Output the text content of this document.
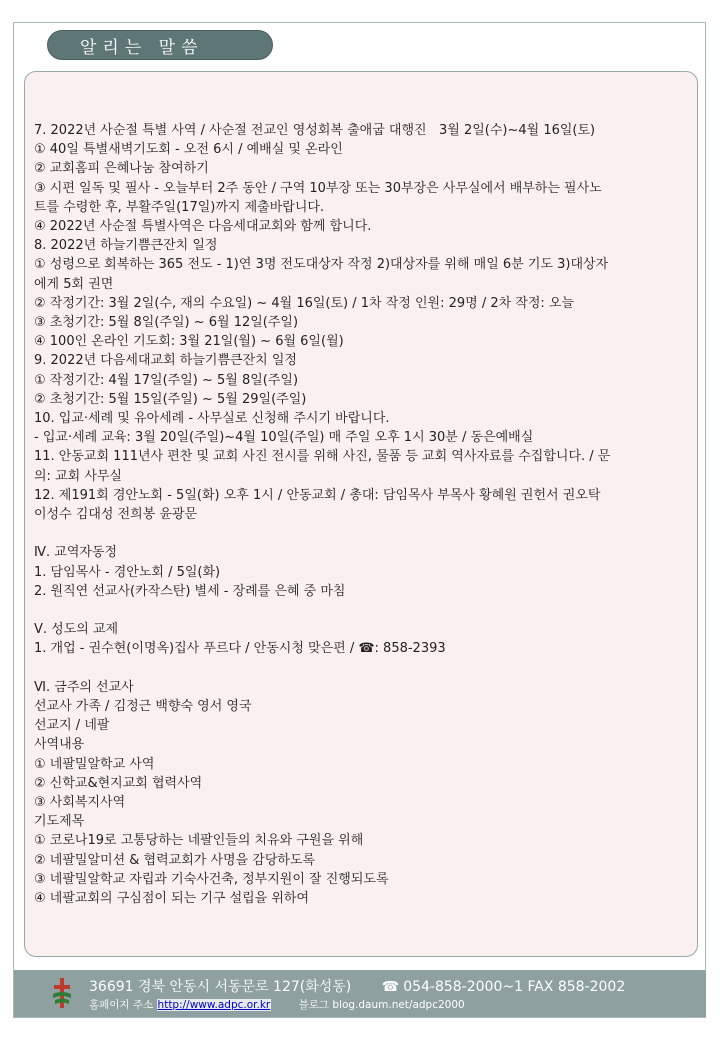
알리는 말씀
7. 2022년 사순절 특별 사역 / 사순절 전교인 영성회복 출애굽 대행진   3월 2일(수)~4월 16일(토)
① 40일 특별새벽기도회 - 오전 6시 / 예배실 및 온라인
② 교회홈피 은혜나눔 참여하기
③ 시편 일독 및 필사 - 오늘부터 2주 동안 / 구역 10부장 또는 30부장은 사무실에서 배부하는 필사노
트를 수령한 후, 부활주일(17일)까지 제출바랍니다.
④ 2022년 사순절 특별사역은 다음세대교회와 함께 합니다.
8. 2022년 하늘기쁨큰잔치 일정
① 성령으로 회복하는 365 전도 - 1)연 3명 전도대상자 작정 2)대상자를 위해 매일 6분 기도 3)대상자
에게 5회 권면
② 작정기간: 3월 2일(수, 재의 수요일) ~ 4월 16일(토) / 1차 작정 인원: 29명 / 2차 작정: 오늘
③ 초청기간: 5월 8일(주일) ~ 6월 12일(주일)
④ 100인 온라인 기도회: 3월 21일(월) ~ 6월 6일(월)
9. 2022년 다음세대교회 하늘기쁨큰잔치 일정
① 작정기간: 4월 17일(주일) ~ 5월 8일(주일)
② 초청기간: 5월 15일(주일) ~ 5월 29일(주일)
10. 입교·세례 및 유아세례 - 사무실로 신청해 주시기 바랍니다.
- 입교·세례 교육: 3월 20일(주일)~4월 10일(주일) 매 주일 오후 1시 30분 / 동은예배실
11. 안동교회 111년사 편찬 및 교회 사진 전시를 위해 사진, 물품 등 교회 역사자료를 수집합니다. / 문
의: 교회 사무실
12. 제191회 경안노회 - 5일(화) 오후 1시 / 안동교회 / 총대: 담임목사 부목사 황혜원 권헌서 권오탁
이성수 김대성 전희봉 윤광문
Ⅳ. 교역자동정
1. 담임목사 - 경안노회 / 5일(화)
2. 원직연 선교사(카작스탄) 별세 - 장례를 은혜 중 마침
Ⅴ. 성도의 교제
1. 개업 - 권수현(이명옥)집사 푸르다 / 안동시청 맞은편 / ☎: 858-2393
Ⅵ. 금주의 선교사
선교사 가족 / 김정근 백향숙 영서 영국
선교지 / 네팔
사역내용
① 네팔밀알학교 사역
② 신학교&현지교회 협력사역
③ 사회복지사역
기도제목
① 코로나19로 고통당하는 네팔인들의 치유와 구원을 위해
② 네팔밀알미션 & 협력교회가 사명을 감당하도록
③ 네팔밀알학교 자립과 기숙사건축, 정부지원이 잘 진행되도록
④ 네팔교회의 구심점이 되는 기구 설립을 위하여
36691 경북 안동시 서동문로 127(화성동) ☎ 054-858-2000~1 FAX 858-2002
홈페이지 주소 http://www.adpc.or.kr	블로그 blog.daum.net/adpc2000
